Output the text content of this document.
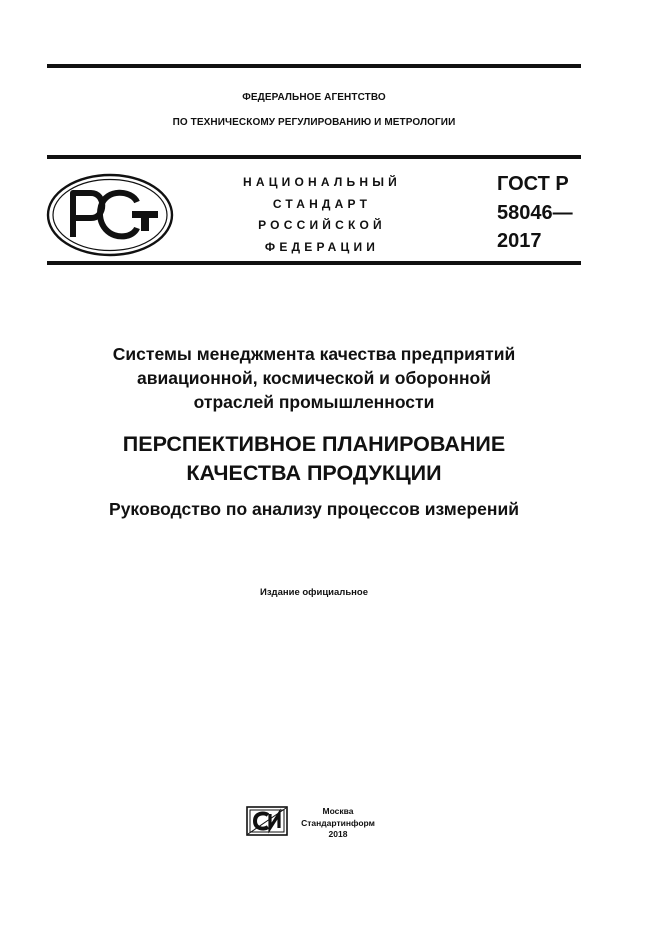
ФЕДЕРАЛЬНОЕ АГЕНТСТВО
ПО ТЕХНИЧЕСКОМУ РЕГУЛИРОВАНИЮ И МЕТРОЛОГИИ
НАЦИОНАЛЬНЫЙ
СТАНДАРТ
РОССИЙСКОЙ
ФЕДЕРАЦИИ
ГОСТ Р
58046—
2017
Системы менеджмента качества предприятий
авиационной, космической и оборонной
отраслей промышленности
ПЕРСПЕКТИВНОЕ ПЛАНИРОВАНИЕ
КАЧЕСТВА ПРОДУКЦИИ
Руководство по анализу процессов измерений
Издание официальное
Москва
Стандартинформ
2018
